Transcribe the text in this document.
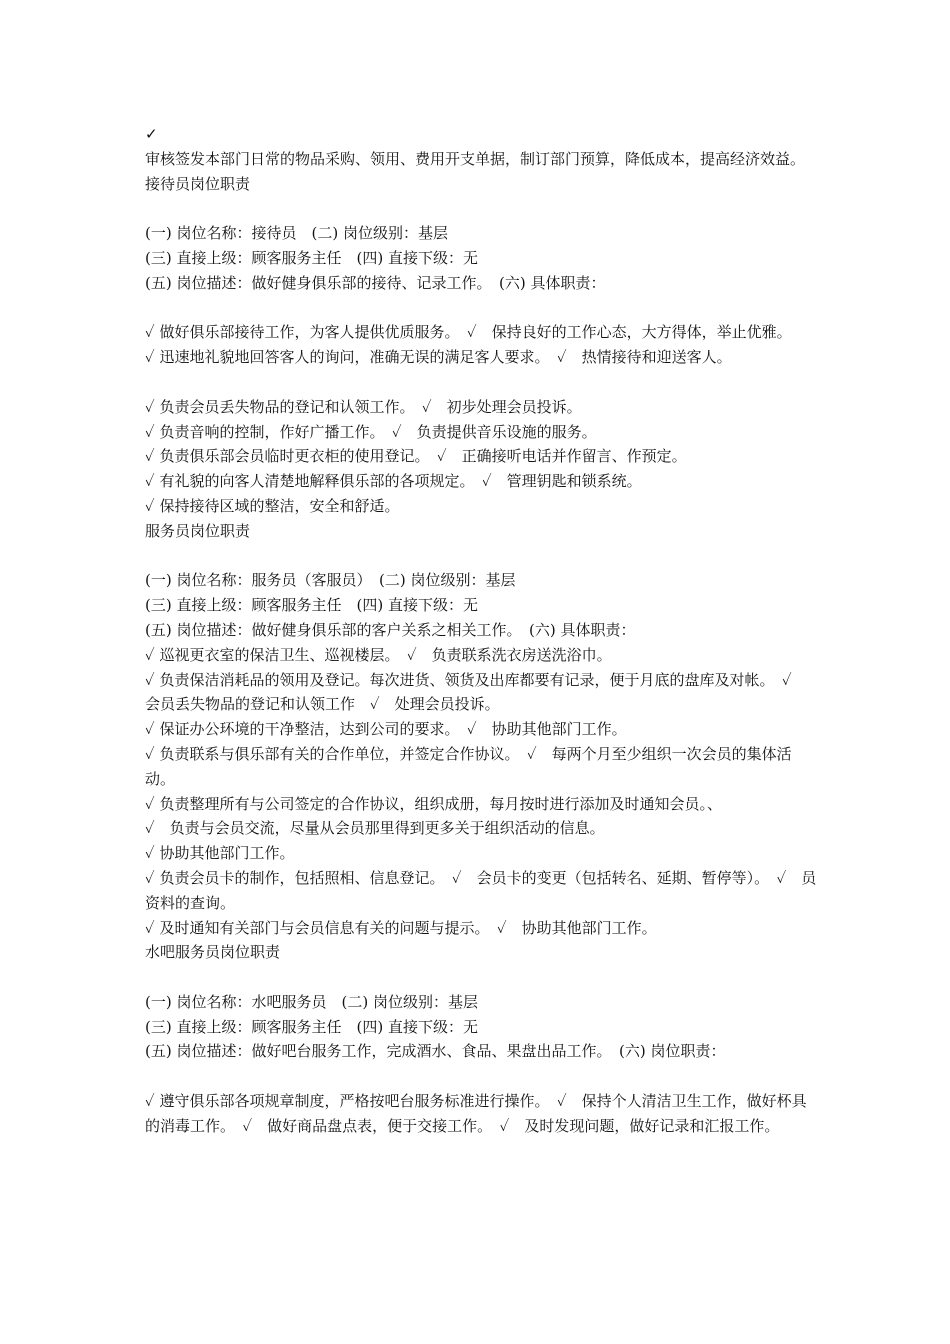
✓

审核签发本部门日常的物品采购、领用、费用开支单据，制订部门预算，降低成本，提高经济效益。

接待员岗位职责

(一) 岗位名称：接待员　(二) 岗位级别：基层

(三) 直接上级：顾客服务主任　(四) 直接下级：无

(五) 岗位描述：做好健身俱乐部的接待、记录工作。　(六) 具体职责：

✓ 做好俱乐部接待工作，为客人提供优质服务。　✓　保持良好的工作心态，大方得体，举止优雅。

✓ 迅速地礼貌地回答客人的询问，准确无误的满足客人要求。　✓　热情接待和迎送客人。

✓ 负责会员丢失物品的登记和认领工作。　✓　初步处理会员投诉。

✓ 负责音响的控制，作好广播工作。　✓　负责提供音乐设施的服务。

✓ 负责俱乐部会员临时更衣柜的使用登记。　✓　正确接听电话并作留言、作预定。

✓ 有礼貌的向客人清楚地解释俱乐部的各项规定。　✓　管理钥匙和锁系统。

✓ 保持接待区域的整洁，安全和舒适。

服务员岗位职责

(一) 岗位名称：服务员（客服员）　(二) 岗位级别：基层

(三) 直接上级：顾客服务主任　(四) 直接下级：无

(五) 岗位描述：做好健身俱乐部的客户关系之相关工作。　(六) 具体职责：

✓ 巡视更衣室的保洁卫生、巡视楼层。　✓　负责联系洗衣房送洗浴巾。

✓ 负责保洁消耗品的领用及登记。每次进货、领货及出库都要有记录，便于月底的盘库及对帐。　✓　会员丢失物品的登记和认领工作　✓　处理会员投诉。

✓ 保证办公环境的干净整洁，达到公司的要求。　✓　协助其他部门工作。

✓ 负责联系与俱乐部有关的合作单位，并签定合作协议。　✓　每两个月至少组织一次会员的集体活动。

✓ 负责整理所有与公司签定的合作协议，组织成册，每月按时进行添加及时通知会员。、

✓　负责与会员交流，尽量从会员那里得到更多关于组织活动的信息。

✓ 协助其他部门工作。

✓ 负责会员卡的制作，包括照相、信息登记。　✓　会员卡的变更（包括转名、延期、暂停等）。　✓　员资料的查询。

✓ 及时通知有关部门与会员信息有关的问题与提示。　✓　协助其他部门工作。

水吧服务员岗位职责

(一) 岗位名称：水吧服务员　(二) 岗位级别：基层

(三) 直接上级：顾客服务主任　(四) 直接下级：无

(五) 岗位描述：做好吧台服务工作，完成酒水、食品、果盘出品工作。　(六) 岗位职责：

✓ 遵守俱乐部各项规章制度，严格按吧台服务标准进行操作。　✓　保持个人清洁卫生工作，做好杯具的消毒工作。　✓　做好商品盘点表，便于交接工作。　✓　及时发现问题，做好记录和汇报工作。
